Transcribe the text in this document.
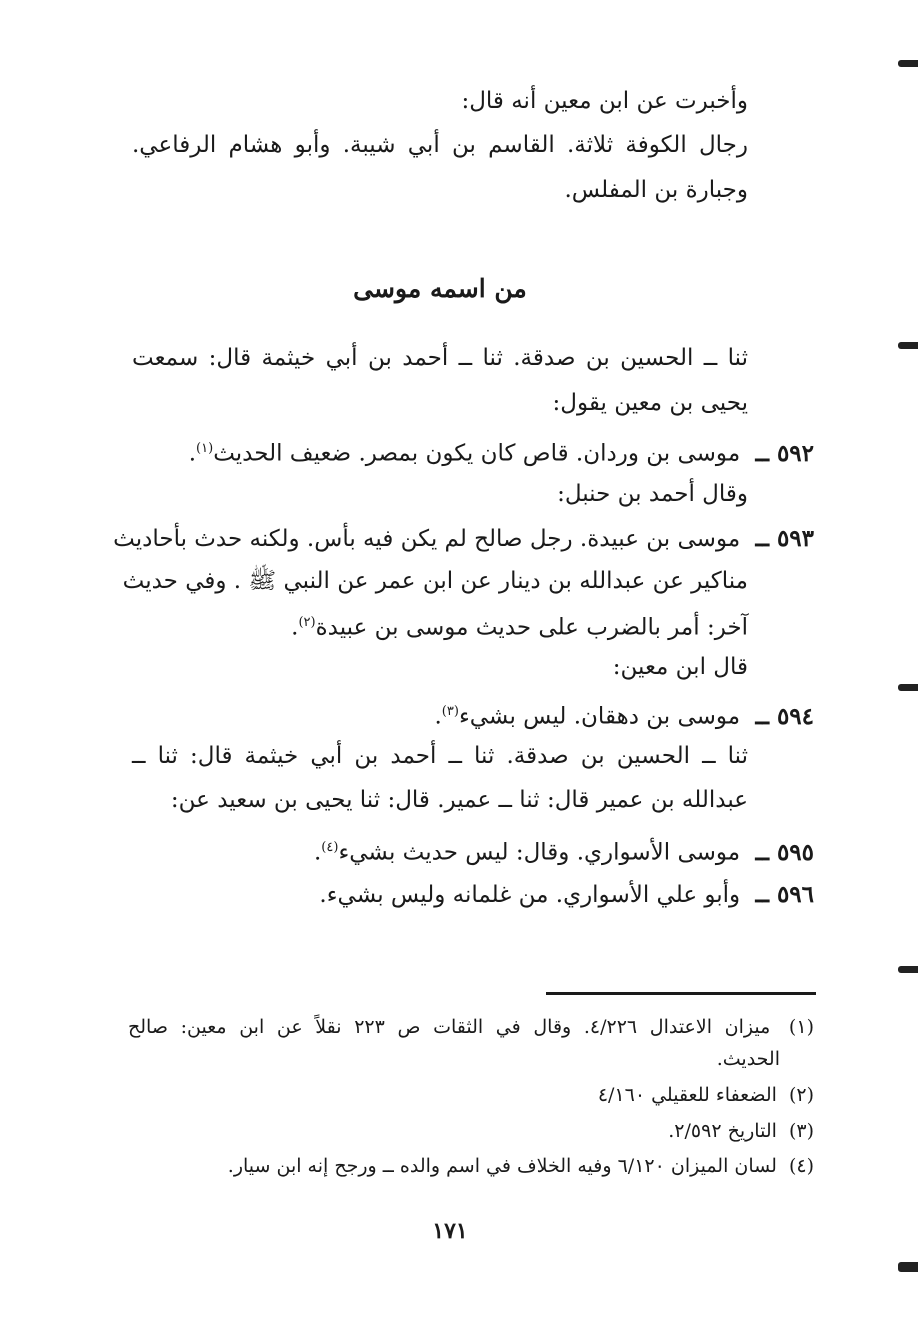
وأخبرت عن ابن معين أنه قال:
رجال الكوفة ثلاثة. القاسم بن أبي شيبة. وأبو هشام الرفاعي.
وجبارة بن المفلس.
من اسمه موسى
ثنا ــ الحسين بن صدقة. ثنا ــ أحمد بن أبي خيثمة قال: سمعت
يحيى بن معين يقول:
٥٩٢ ــ موسى بن وردان. قاص كان يكون بمصر. ضعيف الحديث$^{(١)}$.
وقال أحمد بن حنبل:
٥٩٣ ــ موسى بن عبيدة. رجل صالح لم يكن فيه بأس. ولكنه حدث بأحاديث
مناكير عن عبدالله بن دينار عن ابن عمر عن النبي ﷺ . وفي حديث
آخر: أمر بالضرب على حديث موسى بن عبيدة$^{(٢)}$.
قال ابن معين:
٥٩٤ ــ موسى بن دهقان. ليس بشيء$^{(٣)}$.
ثنا ــ الحسين بن صدقة. ثنا ــ أحمد بن أبي خيثمة قال: ثنا ــ
عبدالله بن عمير قال: ثنا ــ عمير. قال: ثنا يحيى بن سعيد عن:
٥٩٥ ــ موسى الأسواري. وقال: ليس حديث بشيء$^{(٤)}$.
٥٩٦ ــ وأبو علي الأسواري. من غلمانه وليس بشيء.
(١) ميزان الاعتدال ٤/٢٢٦. وقال في الثقات ص ٢٢٣ نقلاً عن ابن معين: صالح
الحديث.
(٢) الضعفاء للعقيلي ٤/١٦٠
(٣) التاريخ ٢/٥٩٢.
(٤) لسان الميزان ٦/١٢٠ وفيه الخلاف في اسم والده ــ ورجح إنه ابن سيار.
١٧١
